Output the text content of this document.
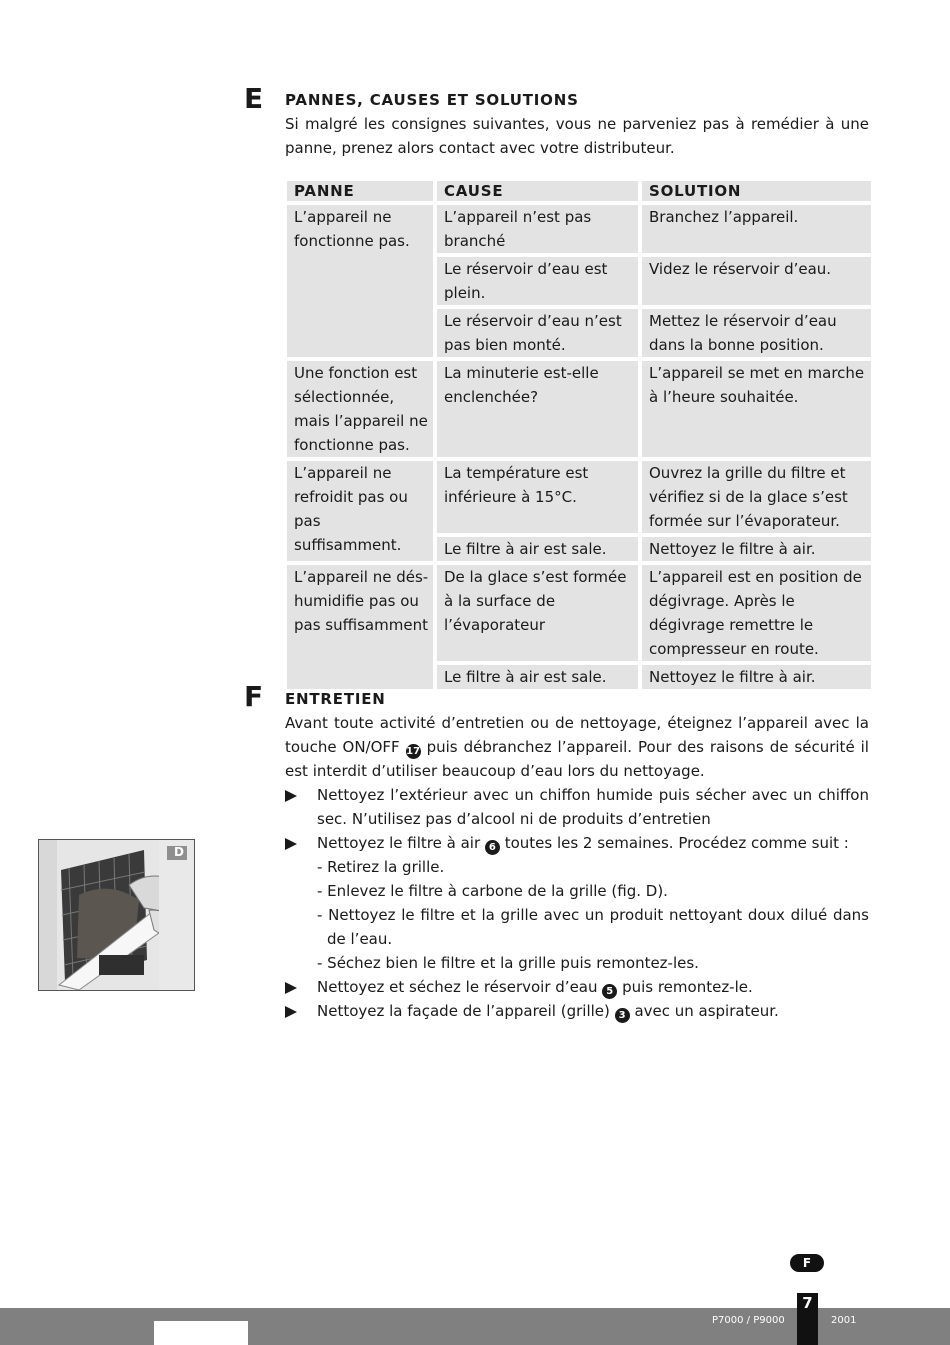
E PANNES, CAUSES ET SOLUTIONS

Si malgré les consignes suivantes, vous ne parveniez pas à remédier à une panne, prenez alors contact avec votre distributeur.

PANNE	CAUSE	SOLUTION
L’appareil ne fonctionne pas.	L’appareil n’est pas branché	Branchez l’appareil.
	Le réservoir d’eau est plein.	Videz le réservoir d’eau.
	Le réservoir d’eau n’est pas bien monté.	Mettez le réservoir d’eau dans la bonne position.
Une fonction est sélectionnée, mais l’appareil ne fonctionne pas.	La minuterie est-elle enclenchée?	L’appareil se met en marche à l’heure souhaitée.
L’appareil ne refroidit pas ou pas suffisamment.	La température est inférieure à 15°C.	Ouvrez la grille du filtre et vérifiez si de la glace s’est formée sur l’évaporateur.
	Le filtre à air est sale.	Nettoyez le filtre à air.
L’appareil ne dés-humidifie pas ou pas suffisamment	De la glace s’est formée à la surface de l’évaporateur	L’appareil est en position de dégivrage. Après le dégivrage remettre le compresseur en route.
	Le filtre à air est sale.	Nettoyez le filtre à air.
F ENTRETIEN

Avant toute activité d’entretien ou de nettoyage, éteignez l’appareil avec la touche ON/OFF 17 puis débranchez l’appareil. Pour des raisons de sécurité il est interdit d’utiliser beaucoup d’eau lors du nettoyage.

Nettoyez l’extérieur avec un chiffon humide puis sécher avec un chiffon sec. N’utilisez pas d’alcool ni de produits d’entretien
Nettoyez le filtre à air 6 toutes les 2 semaines. Procédez comme suit :
- Retirez la grille.
- Enlevez le filtre à carbone de la grille (fig. D).
- Nettoyez le filtre et la grille avec un produit nettoyant doux dilué dans de l’eau.
- Séchez bien le filtre et la grille puis remontez-les.
Nettoyez et séchez le réservoir d’eau 5 puis remontez-le.
Nettoyez la façade de l’appareil (grille) 3 avec un aspirateur.
D
F
7
P7000 / P9000	2001
